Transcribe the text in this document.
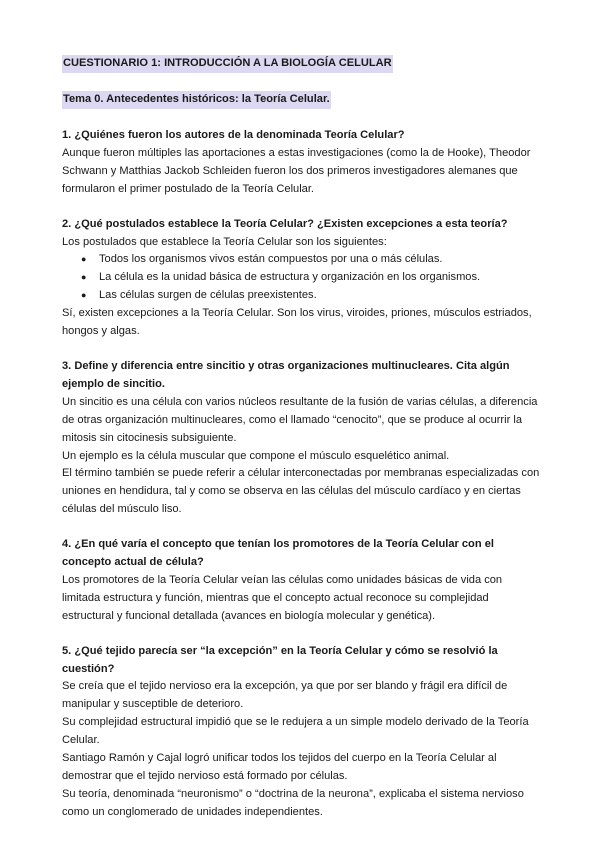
CUESTIONARIO 1: INTRODUCCIÓN A LA BIOLOGÍA CELULAR
Tema 0. Antecedentes históricos: la Teoría Celular.

1. ¿Quiénes fueron los autores de la denominada Teoría Celular?

Aunque fueron múltiples las aportaciones a estas investigaciones (como la de Hooke), Theodor Schwann y Matthias Jackob Schleiden fueron los dos primeros investigadores alemanes que formularon el primer postulado de la Teoría Celular.

2. ¿Qué postulados establece la Teoría Celular? ¿Existen excepciones a esta teoría?

Los postulados que establece la Teoría Celular son los siguientes:

● Todos los organismos vivos están compuestos por una o más células.
● La célula es la unidad básica de estructura y organización en los organismos.
● Las células surgen de células preexistentes.

Sí, existen excepciones a la Teoría Celular. Son los virus, viroides, priones, músculos estriados, hongos y algas.

3. Define y diferencia entre sincitio y otras organizaciones multinucleares. Cita algún ejemplo de sincitio.

Un sincitio es una célula con varios núcleos resultante de la fusión de varias células, a diferencia de otras organización multinucleares, como el llamado “cenocito”, que se produce al ocurrir la mitosis sin citocinesis subsiguiente.

Un ejemplo es la célula muscular que compone el músculo esquelético animal.

El término también se puede referir a célular interconectadas por membranas especializadas con uniones en hendidura, tal y como se observa en las células del músculo cardíaco y en ciertas células del músculo liso.

4. ¿En qué varía el concepto que tenían los promotores de la Teoría Celular con el concepto actual de célula?

Los promotores de la Teoría Celular veían las células como unidades básicas de vida con limitada estructura y función, mientras que el concepto actual reconoce su complejidad estructural y funcional detallada (avances en biología molecular y genética).

5. ¿Qué tejido parecía ser “la excepción” en la Teoría Celular y cómo se resolvió la cuestión?

Se creía que el tejido nervioso era la excepción, ya que por ser blando y frágil era difícil de manipular y susceptible de deterioro.

Su complejidad estructural impidió que se le redujera a un simple modelo derivado de la Teoría Celular.

Santiago Ramón y Cajal logró unificar todos los tejidos del cuerpo en la Teoría Celular al demostrar que el tejido nervioso está formado por células.

Su teoría, denominada “neuronismo” o “doctrina de la neurona”, explicaba el sistema nervioso como un conglomerado de unidades independientes.
